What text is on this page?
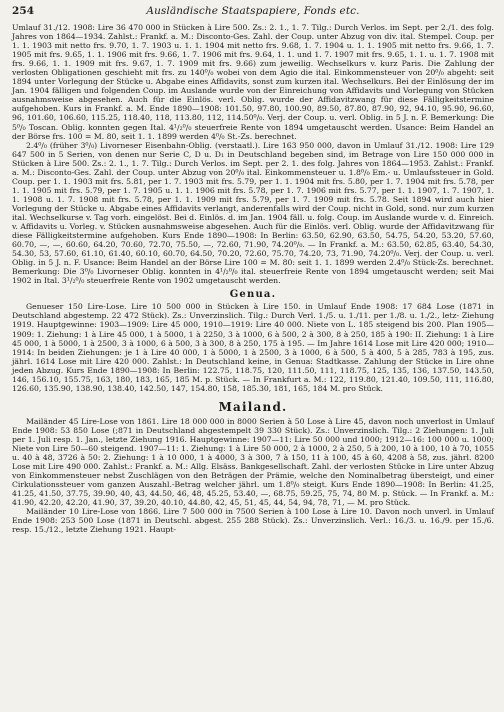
254	Ausländische Staatspapiere, Fonds etc.

Umlauf 31./12. 1908: Lire 36 470 000 in Stücken à Lire 500. Zs.: 2. 1., 1. 7. Tilg.: Durch Verlos. im Sept. per 2./1. des folg. Jahres von 1864—1934. Zahlst.: Frankf. a. M.: Disconto-Ges. Zahl. der Coup. unter Abzug von div. ital. Stempel. Coup. per 1. 1. 1903 mit netto frs. 9.70, 1. 7. 1903 u. 1. 1. 1904 mit netto frs. 9.68, 1. 7. 1904 u. 1. 1. 1905 mit netto frs. 9.66, 1. 7. 1905 mit frs. 9.65, 1. 1. 1906 mit frs. 9.66, 1. 7. 1906 mit frs. 9.64, 1. 1. und 1. 7. 1907 mit frs. 9.65, 1. 1. u. 1. 7. 1908 mit frs. 9.66, 1. 1. 1909 mit frs. 9.67, 1. 7. 1909 mit frs. 9.66) zum jeweilig. Wechselkurs v. kurz Paris. Die Zahlung der verlosten Obligationen geschieht mit frs. zu 140⁰/₀ wobei von dem Agio die ital. Einkommensteuer von 20⁰/₀ abgeht: seit 1894 unter Vorlegung der Stücke u. Abgabe eines Affidavits, sonst zum kurzen ital. Wechselkurs. Bei der Einlösung der im Jan. 1904 fälligen und folgenden Coup. im Auslande wurde von der Einreichung von Affidavits und Vorlegung von Stücken ausnahmsweise abgesehen. Auch für die Einlös. verl. Oblig. wurde der Affidavitzwang für diese Fälligkeitstermine aufgehoben. Kurs in Frankf. a. M. Ende 1890—1908: 101.50, 97.80, 100.90, 89.50, 87.80, 87.90, 92, 94.10, 95.90, 96.60, 96, 101.60, 106.60, 115.25, 118.40, 118, 113.80, 112, 114.50⁰/₀. Verj. der Coup. u. verl. Oblig. in 5 J. n. F. Bemerkung: Die 5⁰/₀ Toscan. Oblig. konnten gegen Ital. 4¹/₂⁰/₀ steuerfreie Rente von 1894 umgetauscht werden. Usance: Beim Handel an der Börse frs. 100 = M. 80, seit 1. 1. 1899 werden 4⁰/₀ St.-Zs. berechnet.

2.4⁰/₀ (früher 3⁰/₀) Livorneser Eisenbahn-Oblig. (verstaatl.). Lire 163 950 000, davon in Umlauf 31./12. 1908: Lire 129 647 500 in 5 Serien, von denen nur Serie C, D u. D₁ in Deutschland begeben sind, im Betrage von Lire 150 000 000 in Stücken à Lire 500. Zs.: 2. 1., 1. 7. Tilg.: Durch Verlos. im Sept. per 2. 1. des folg. Jahres von 1864—1953. Zahlst.: Frankf. a. M.: Disconto-Ges. Zahl. der Coup. unter Abzug von 20⁰/₀ ital. Einkommensteuer u. 1.8⁰/₀ Em.- u. Umlaufssteuer in Gold. Coup. per 1. 1. 1903 mit frs. 5.81, per 1. 7. 1903 mit frs. 5.79, per 1. 1. 1904 mit frs. 5.80, per 1. 7. 1904 mit frs. 5.78, per 1. 1. 1905 mit frs. 5.79, per 1. 7. 1905 u. 1. 1. 1906 mit frs. 5.78, per 1. 7. 1906 mit frs. 5.77, per 1. 1. 1907, 1. 7. 1907, 1. 1. 1908 u. 1. 7. 1908 mit frs. 5.78, per 1. 1. 1909 mit frs. 5.79, per 1. 7. 1909 mit frs. 5.78. Seit 1894 wird auch hier Vorlegung der Stücke u. Abgabe eines Affidavits verlangt, anderenfalls wird der Coup. nicht in Gold, sond. nur zum kurzen ital. Wechselkurse v. Tag vorh. eingelöst. Bei d. Einlös. d. im Jan. 1904 fäll. u. folg. Coup. im Auslande wurde v. d. Einreich. v. Affidavits u. Vorleg. v. Stücken ausnahmsweise abgesehen. Auch für die Einlös. verl. Oblig. wurde der Affidavitzwang für diese Fälligkeitstermine aufgehoben. Kurs Ende 1890—1908: In Berlin: 63.50, 62.90, 63.50, 54.75, 54.20, 53.20, 57.60, 60.70, —, —, 60.60, 64.20, 70.60, 72.70, 75.50, —, 72.60, 71.90, 74.20⁰/₀. — In Frankf. a. M.: 63.50, 62.85, 63.40, 54.30, 54.30, 53, 57.60, 61.10, 61.40, 60.10, 60.70, 64.50, 70.20, 72.60, 75.70, 74.20, 73, 71.90, 74.20⁰/₀. Verj. der Coup. u. verl. Oblig. in 5 J. n. F. Usance: Beim Handel an der Börse Lire 100 = M. 80: seit 1. 1. 1899 werden 2.4⁰/₀ Stück-Zs. berechnet. Bemerkung: Die 3⁰/₀ Livorneser Oblig. konnten in 4¹/₂⁰/₀ ital. steuerfreie Rente von 1894 umgetauscht werden; seit Mai 1902 in Ital. 3¹/₂⁰/₀ steuerfreie Rente von 1902 umgetauscht werden.

Genua.

Genueser 150 Lire-Lose. Lire 10 500 000 in Stücken à Lire 150. in Umlauf Ende 1908: 17 684 Lose (1871 in Deutschland abgestemp. 22 472 Stück). Zs.: Unverzinslich. Tilg.: Durch Verl. 1./5. u. 1./11. per 1./8. u. 1./2., letz- Ziehung 1919. Hauptgewinne: 1903—1909: Lire 45 000, 1910—1919: Lire 40 000. Niete von L. 185 steigend bis 200. Plan 1905—1909: 1. Ziehung: 1 à Lire 45 000, 1 à 5000, 1 à 2250, 3 à 1000, 6 à 500, 2 à 300, 8 à 250, 185 à 190: II. Ziehung: 1 à Lire 45 000, 1 à 5000, 1 à 2500, 3 à 1000, 6 à 500, 3 à 300, 8 à 250, 175 à 195. — Im Jahre 1614 Lose mit Lire 420 000; 1910—1914: In beiden Ziehungen: je 1 à Lire 40 000, 1 à 5000, 1 à 2500, 3 à 1000, 6 à 500, 5 à 400, 5 à 285, 783 à 195, zus. jährl. 1614 Lose mit Lire 420 000. Zahlst.: In Deutschland keine, in Genua: Stadtkasse. Zahlung der Stücke in Lire ohne jeden Abzug. Kurs Ende 1890—1908: In Berlin: 122.75, 118.75, 120, 111.50, 111, 118.75, 125, 135, 136, 137.50, 143.50, 146, 156.10, 155.75, 163, 180, 183, 165, 185 M. p. Stück. — In Frankfurt a. M.: 122, 119.80, 121.40, 109.50, 111, 116.80, 126.60, 135.90, 138.90, 138.40, 142.50, 147, 154.80, 158, 185.30, 181, 165, 184 M. pro Stück.

Mailand.

Mailänder 45 Lire-Lose von 1861. Lire 18 000 000 in 8000 Serien à 50 Lose à Lire 45, davon noch unverlost in Umlauf Ende 1908: 53 850 Lose (;871 in Deutschland abgestempelt 39 330 Stück). Zs.: Unverzinslich. Tilg.: 2 Ziehungen: 1. Juli per 1. Juli resp. 1. Jan., letzte Ziehung 1916. Hauptgewinne: 1907—11: Lire 50 000 und 1000; 1912—16: 100 000 u. 1000; Niete von Lire 50—60 steigend. 1907—11: 1. Ziehung: 1 à Lire 50 000, 2 à 1000, 2 à 250, 5 à 200, 10 à 100, 10 à 70, 1055 u. 40 à 48, 3726 à 50: 2. Ziehung: 1 à 10 000, 1 à 4000, 3 à 300, 7 à 150, 11 à 100, 45 à 60, 4208 à 58, zus. jährl. 8200 Lose mit Lire 490 000. Zahlst.: Frankf. a. M.: Allg. Elsäss. Bankgesellschaft. Zahl. der verlosten Stücke in Lire unter Abzug von Einkommensteuer nebst Zuschlägen von den Beträgen der Prämie, welche den Nominalbetrag übersteigt, und einer Cirkulationssteuer vom ganzen Auszahl.-Betrag welcher jährl. um 1.8⁰/₀ steigt. Kurs Ende 1890—1908: In Berlin: 41.25, 41.25, 41.50, 37.75, 39.90, 40, 43, 44.50, 46, 48, 45.25, 53.40, —, 68.75, 59.25, 75, 74, 80 M. p. Stück. — In Frankf. a. M.: 41.90, 42.20, 42.20, 41.90, 37, 39.20, 40.10, 44.80, 42, 45, 51, 45, 44, 54, 94, 78, 71, — M. pro Stück.

Mailänder 10 Lire-Lose von 1866. Lire 7 500 000 in 7500 Serien à 100 Lose à Lire 10. Davon noch unverl. in Umlauf Ende 1908: 253 500 Lose (1871 in Deutschl. abgest. 255 288 Stück). Zs.: Unverzinslich. Verl.: 16./3. u. 16./9. per 15./6. resp. 15./12., letzte Ziehung 1921. Haupt-
